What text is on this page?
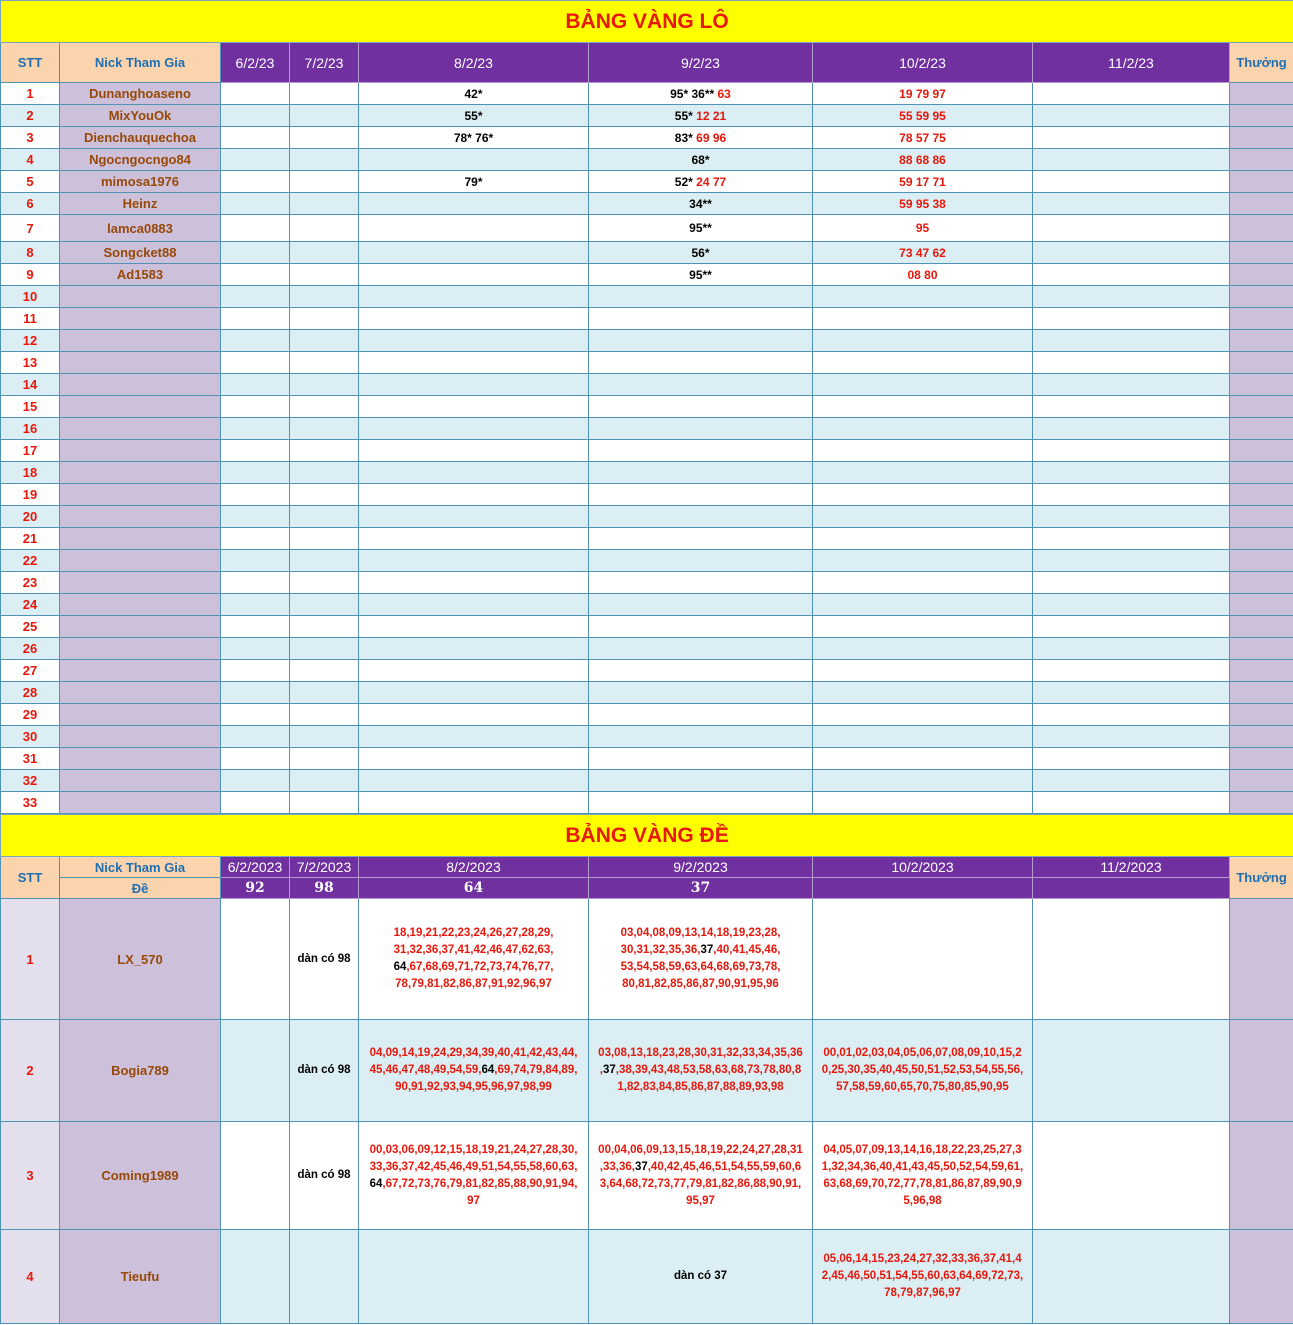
BẢNG VÀNG LÔ								
STT	Nick Tham Gia	6/2/23	7/2/23	8/2/23	9/2/23	10/2/23	11/2/23	Thưởng
1	Dunanghoaseno			42*	95* 36** 63	19 79 97		
2	MixYouOk			55*	55* 12 21	55 59 95		
3	Dienchauquechoa			78* 76*	83* 69 96	78 57 75		
4	Ngocngocngo84				68*	88 68 86		
5	mimosa1976			79*	52* 24 77	59 17 71		
6	Heinz				34**	59 95 38		
7	lamca0883				95**	95		
8	Songcket88				56*	73 47 62		
9	Ad1583				95**	08 80		
10								
11								
12								
13								
14								
15								
16								
17								
18								
19								
20								
21								
22								
23								
24								
25								
26								
27								
28								
29								
30								
31								
32								
33								
BẢNG VÀNG ĐỀ								
STT	Nick Tham Gia	6/2/2023	7/2/2023	8/2/2023	9/2/2023	10/2/2023	11/2/2023	Thưởng
	Đề	92	98	64	37			
1	LX_570		dàn có 98	18,19,21,22,23,24,26,27,28,29,
31,32,36,37,41,42,46,47,62,63,
64,67,68,69,71,72,73,74,76,77,
78,79,81,82,86,87,91,92,96,97	03,04,08,09,13,14,18,19,23,28,
30,31,32,35,36,37,40,41,45,46,
53,54,58,59,63,64,68,69,73,78,
80,81,82,85,86,87,90,91,95,96			
2	Bogia789		dàn có 98	04,09,14,19,24,29,34,39,40,41,42,43,44,
45,46,47,48,49,54,59,64,69,74,79,84,89,
90,91,92,93,94,95,96,97,98,99	03,08,13,18,23,28,30,31,32,33,34,35,36
,37,38,39,43,48,53,58,63,68,73,78,80,8
1,82,83,84,85,86,87,88,89,93,98	00,01,02,03,04,05,06,07,08,09,10,15,2
0,25,30,35,40,45,50,51,52,53,54,55,56,
57,58,59,60,65,70,75,80,85,90,95		
3	Coming1989		dàn có 98	00,03,06,09,12,15,18,19,21,24,27,28,30,
33,36,37,42,45,46,49,51,54,55,58,60,63,
64,67,72,73,76,79,81,82,85,88,90,91,94,
97	00,04,06,09,13,15,18,19,22,24,27,28,31
,33,36,37,40,42,45,46,51,54,55,59,60,6
3,64,68,72,73,77,79,81,82,86,88,90,91,
95,97	04,05,07,09,13,14,16,18,22,23,25,27,3
1,32,34,36,40,41,43,45,50,52,54,59,61,
63,68,69,70,72,77,78,81,86,87,89,90,9
5,96,98		
4	Tieufu				dàn có 37	05,06,14,15,23,24,27,32,33,36,37,41,4
2,45,46,50,51,54,55,60,63,64,69,72,73,
78,79,87,96,97		
